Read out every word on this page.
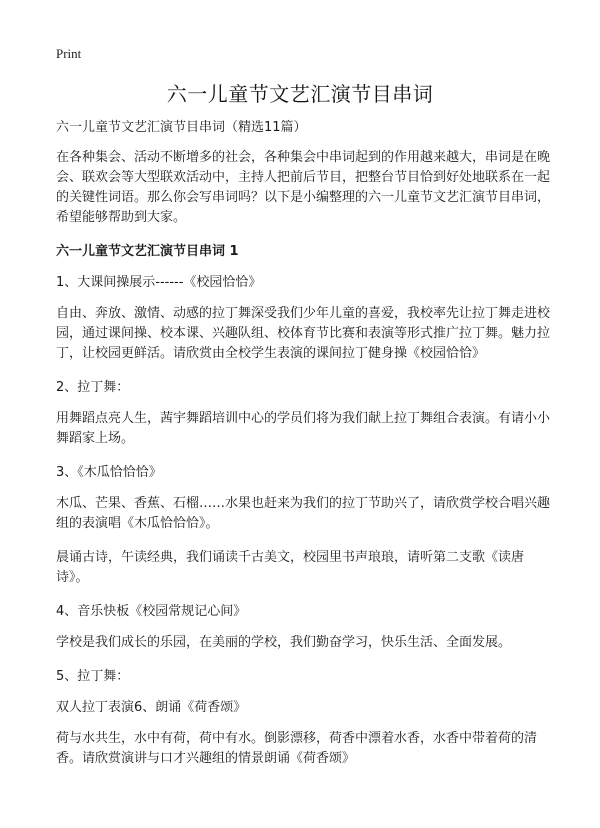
Print
六一儿童节文艺汇演节目串词

六一儿童节文艺汇演节目串词（精选11篇）

在各种集会、活动不断增多的社会，各种集会中串词起到的作用越来越大，串词是在晚会、联欢会等大型联欢活动中，主持人把前后节目，把整台节目恰到好处地联系在一起的关键性词语。那么你会写串词吗？以下是小编整理的六一儿童节文艺汇演节目串词，希望能够帮助到大家。

六一儿童节文艺汇演节目串词 1

1、大课间操展示------《校园恰恰》

自由、奔放、激情、动感的拉丁舞深受我们少年儿童的喜爱，我校率先让拉丁舞走进校园，通过课间操、校本课、兴趣队组、校体育节比赛和表演等形式推广拉丁舞。魅力拉丁，让校园更鲜活。请欣赏由全校学生表演的课间拉丁健身操《校园恰恰》

2、拉丁舞：

用舞蹈点亮人生，茜宇舞蹈培训中心的学员们将为我们献上拉丁舞组合表演。有请小小舞蹈家上场。

3、《木瓜恰恰恰》

木瓜、芒果、香蕉、石榴……水果也赶来为我们的拉丁节助兴了，请欣赏学校合唱兴趣组的表演唱《木瓜恰恰恰》。

晨诵古诗，午读经典，我们诵读千古美文，校园里书声琅琅，请听第二支歌《读唐诗》。

4、音乐快板《校园常规记心间》

学校是我们成长的乐园，在美丽的学校，我们勤奋学习，快乐生活、全面发展。

5、拉丁舞：

双人拉丁表演6、朗诵《荷香颂》

荷与水共生，水中有荷，荷中有水。倒影漂移，荷香中漂着水香，水香中带着荷的清香。请欣赏演讲与口才兴趣组的情景朗诵《荷香颂》
